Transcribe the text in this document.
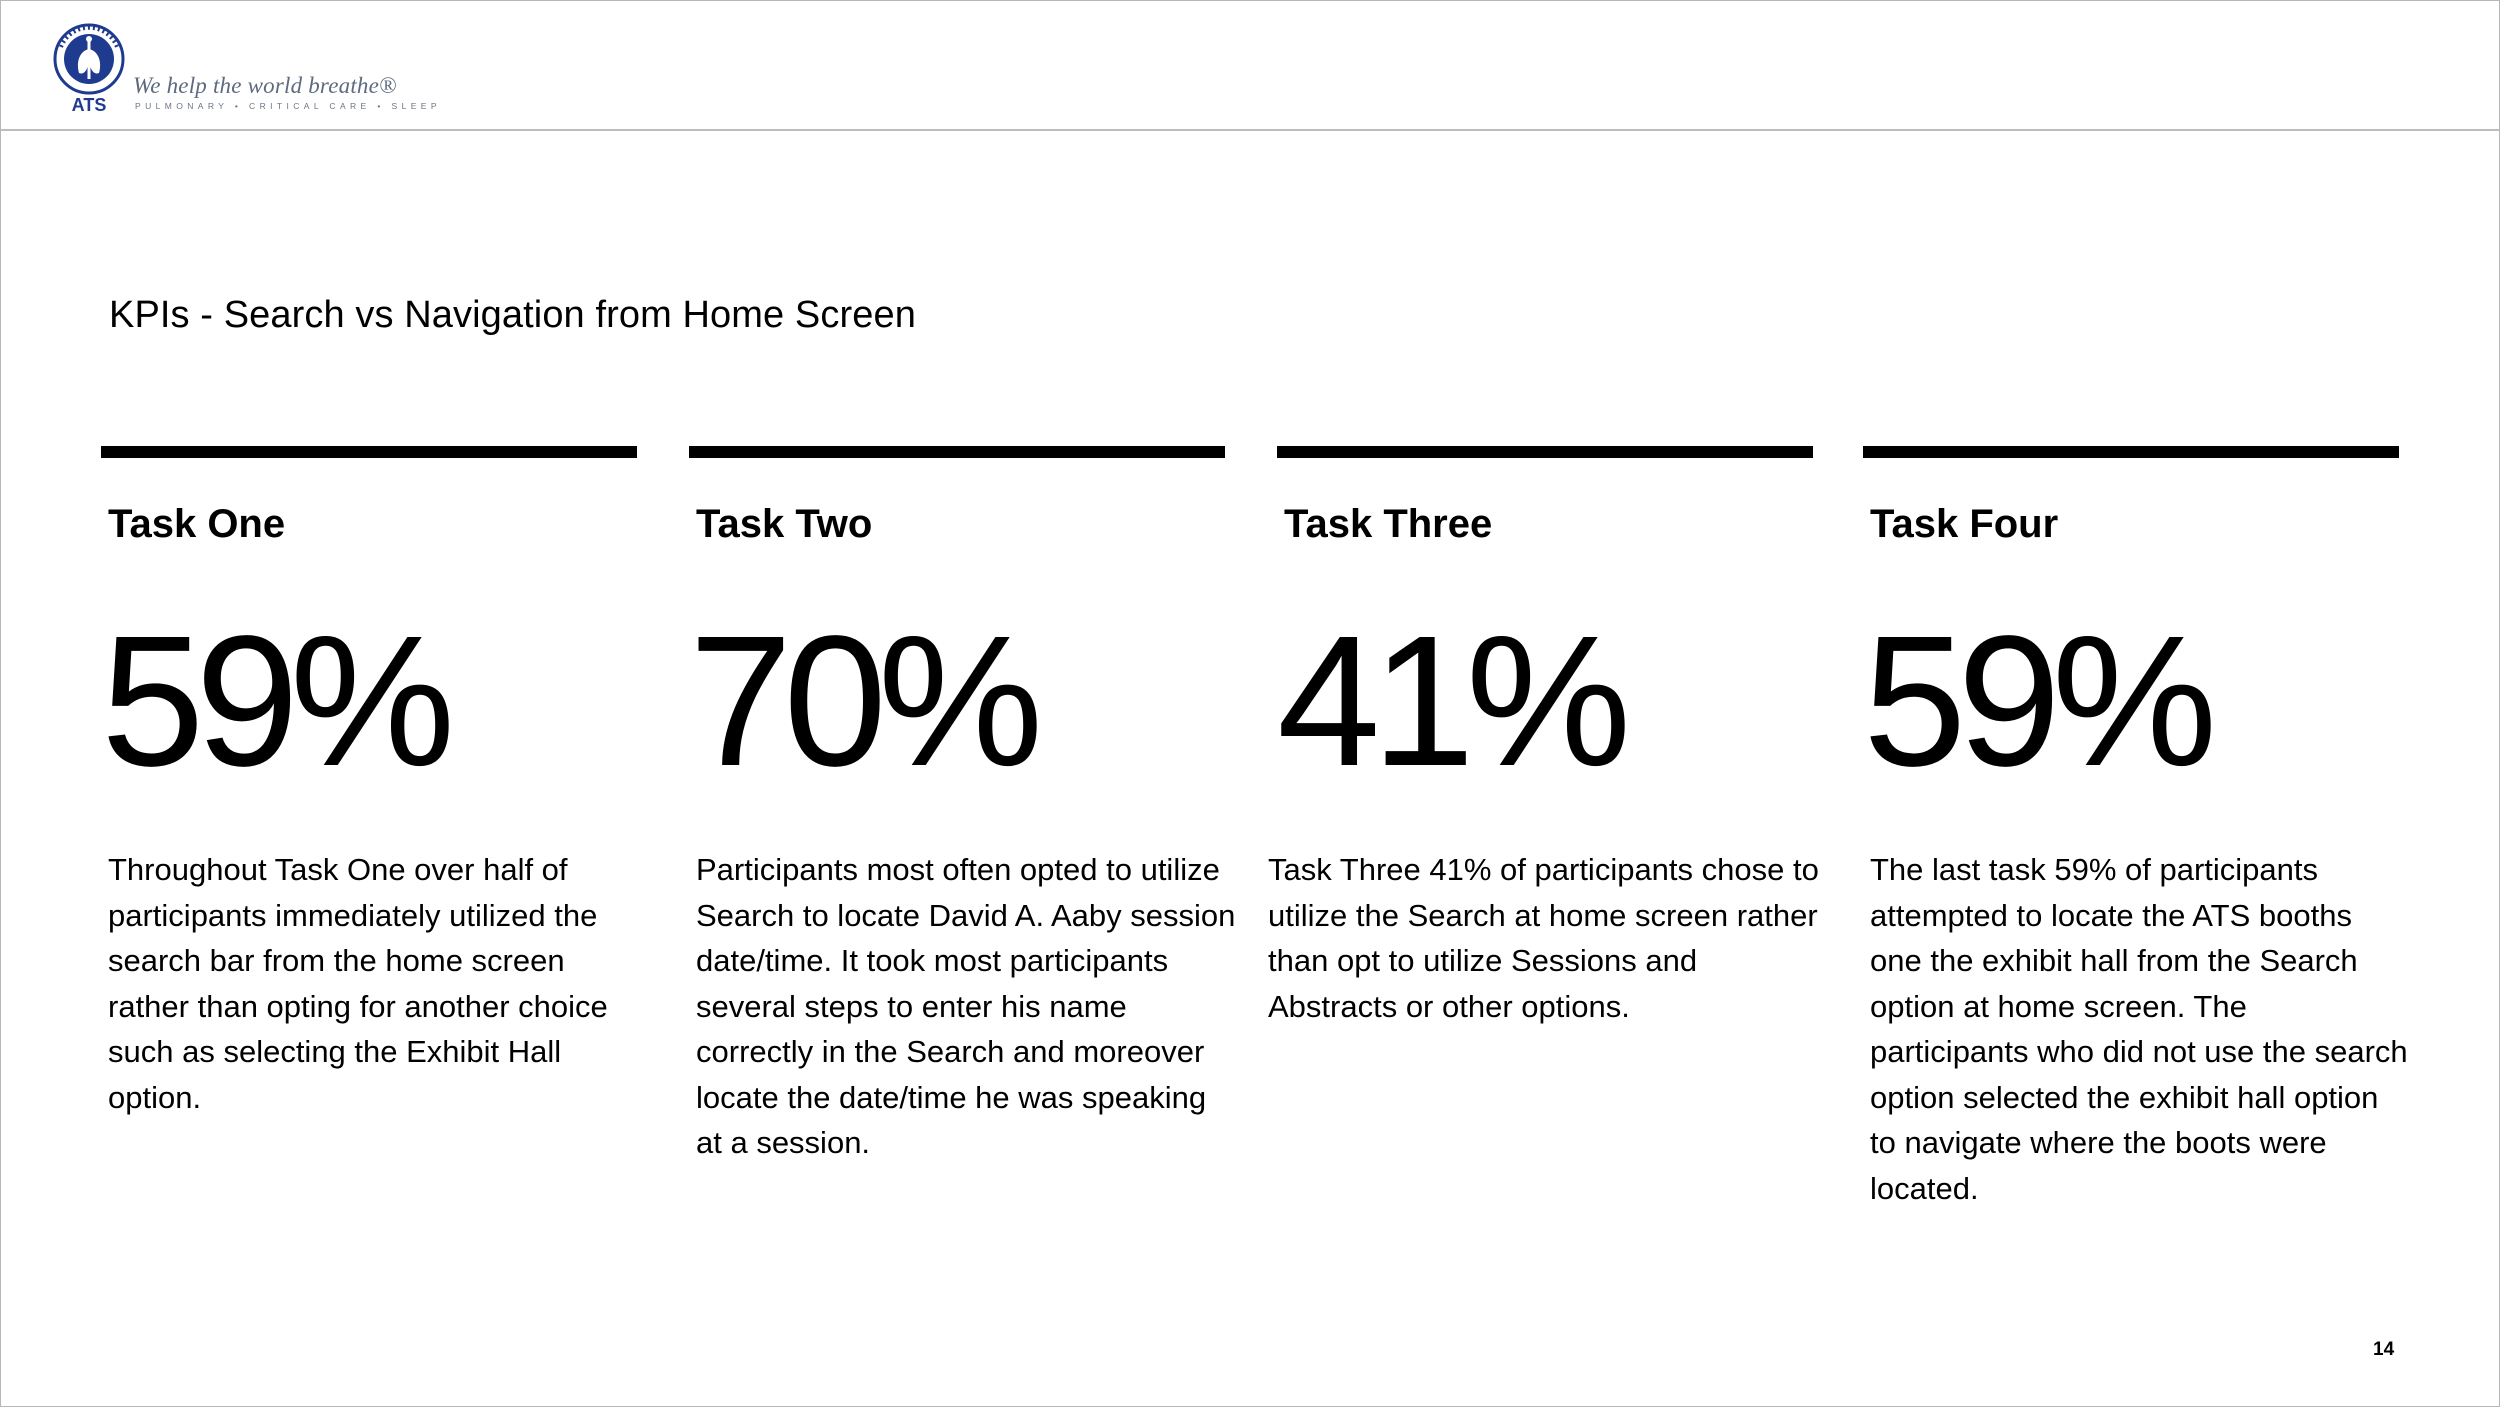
ATS
We help the world breathe®
PULMONARY • CRITICAL CARE • SLEEP
KPIs - Search vs Navigation from Home Screen
Task One
59%

Throughout Task One over half of participants immediately utilized the search bar from the home screen rather than opting for another choice such as selecting the Exhibit Hall option.

Task Two
70%

Participants most often opted to utilize Search to locate David A. Aaby session date/time. It took most participants several steps to enter his name correctly in the Search and moreover locate the date/time he was speaking at a session.

Task Three
41%

Task Three 41% of participants chose to utilize the Search at home screen rather than opt to utilize Sessions and Abstracts or other options.

Task Four
59%

The last task 59% of participants attempted to locate the ATS booths one the exhibit hall from the Search option at home screen. The participants who did not use the search option selected the exhibit hall option to navigate where the boots were located.

14
